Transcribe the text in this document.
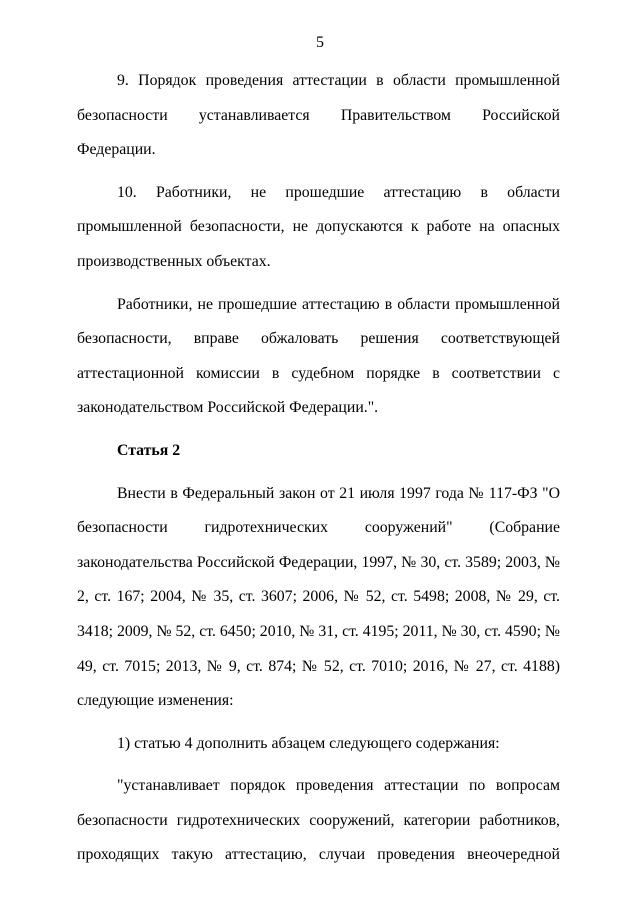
5

9. Порядок проведения аттестации в области промышленной безопасности устанавливается Правительством Российской Федерации.

10. Работники, не прошедшие аттестацию в области промышленной безопасности, не допускаются к работе на опасных производственных объектах.

Работники, не прошедшие аттестацию в области промышленной безопасности, вправе обжаловать решения соответствующей аттестационной комиссии в судебном порядке в соответствии с законодательством Российской Федерации.".

Статья 2

Внести в Федеральный закон от 21 июля 1997 года № 117-ФЗ "О безопасности гидротехнических сооружений" (Собрание законодательства Российской Федерации, 1997, № 30, ст. 3589; 2003, № 2, ст. 167; 2004, № 35, ст. 3607; 2006, № 52, ст. 5498; 2008, № 29, ст. 3418; 2009, № 52, ст. 6450; 2010, № 31, ст. 4195; 2011, № 30, ст. 4590; № 49, ст. 7015; 2013, № 9, ст. 874; № 52, ст. 7010; 2016, № 27, ст. 4188) следующие изменения:

1) статью 4 дополнить абзацем следующего содержания:

"устанавливает порядок проведения аттестации по вопросам безопасности гидротехнических сооружений, категории работников, проходящих такую аттестацию, случаи проведения внеочередной
